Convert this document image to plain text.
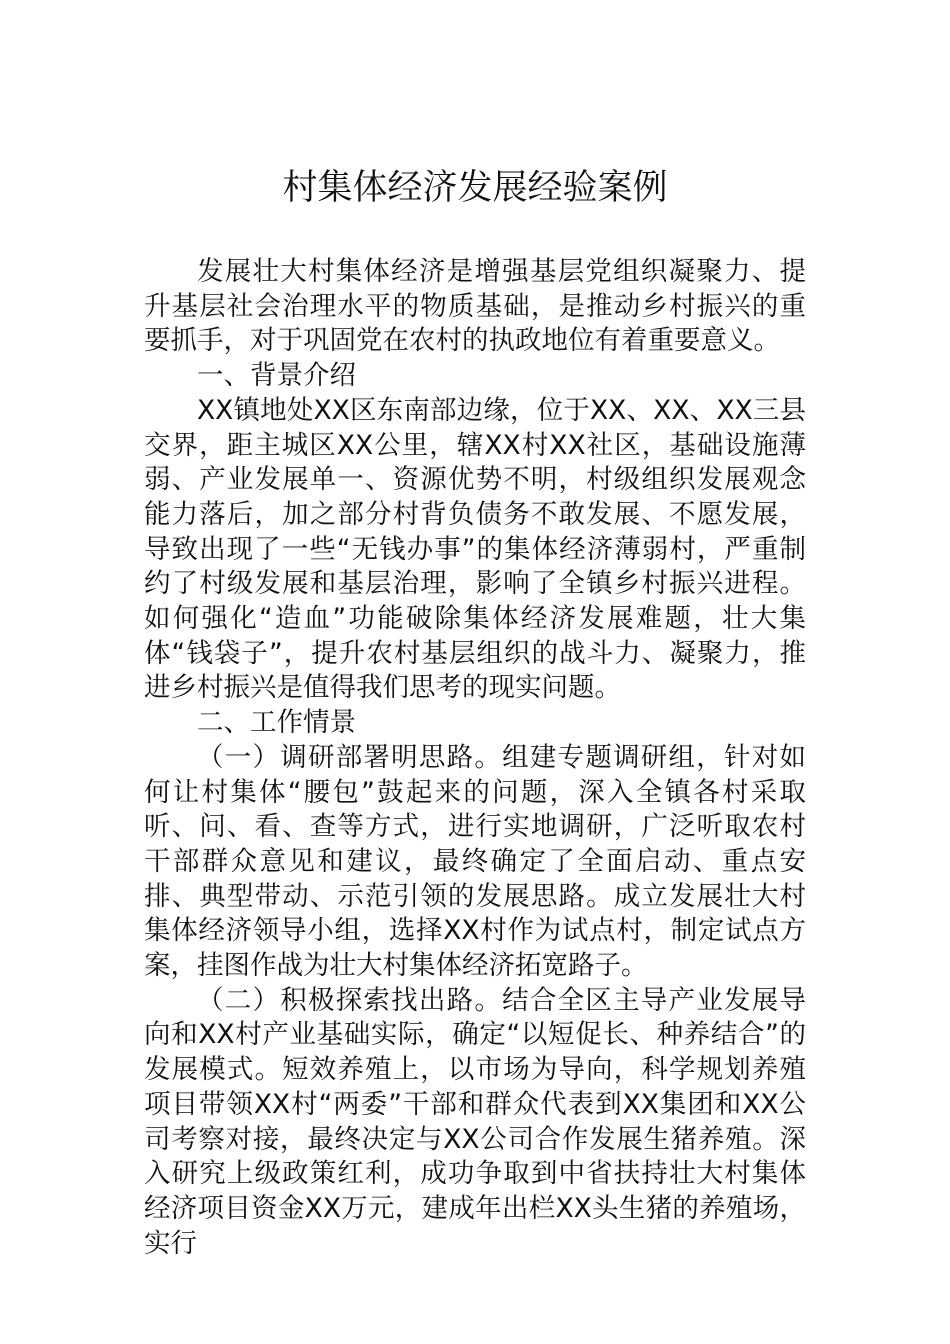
村集体经济发展经验案例

发展壮大村集体经济是增强基层党组织凝聚力、提升基层社会治理水平的物质基础，是推动乡村振兴的重要抓手，对于巩固党在农村的执政地位有着重要意义。

一、背景介绍

XX镇地处XX区东南部边缘，位于XX、XX、XX三县交界，距主城区XX公里，辖XX村XX社区，基础设施薄弱、产业发展单一、资源优势不明，村级组织发展观念能力落后，加之部分村背负债务不敢发展、不愿发展，导致出现了一些“无钱办事”的集体经济薄弱村，严重制约了村级发展和基层治理，影响了全镇乡村振兴进程。如何强化“造血”功能破除集体经济发展难题，壮大集体“钱袋子”，提升农村基层组织的战斗力、凝聚力，推进乡村振兴是值得我们思考的现实问题。

二、工作情景

（一）调研部署明思路。组建专题调研组，针对如何让村集体“腰包”鼓起来的问题，深入全镇各村采取听、问、看、查等方式，进行实地调研，广泛听取农村干部群众意见和建议，最终确定了全面启动、重点安排、典型带动、示范引领的发展思路。成立发展壮大村集体经济领导小组，选择XX村作为试点村，制定试点方案，挂图作战为壮大村集体经济拓宽路子。

（二）积极探索找出路。结合全区主导产业发展导向和XX村产业基础实际，确定“以短促长、种养结合”的发展模式。短效养殖上，以市场为导向，科学规划养殖项目带领XX村“两委”干部和群众代表到XX集团和XX公司考察对接，最终决定与XX公司合作发展生猪养殖。深入研究上级政策红利，成功争取到中省扶持壮大村集体经济项目资金XX万元，建成年出栏XX头生猪的养殖场，实行
